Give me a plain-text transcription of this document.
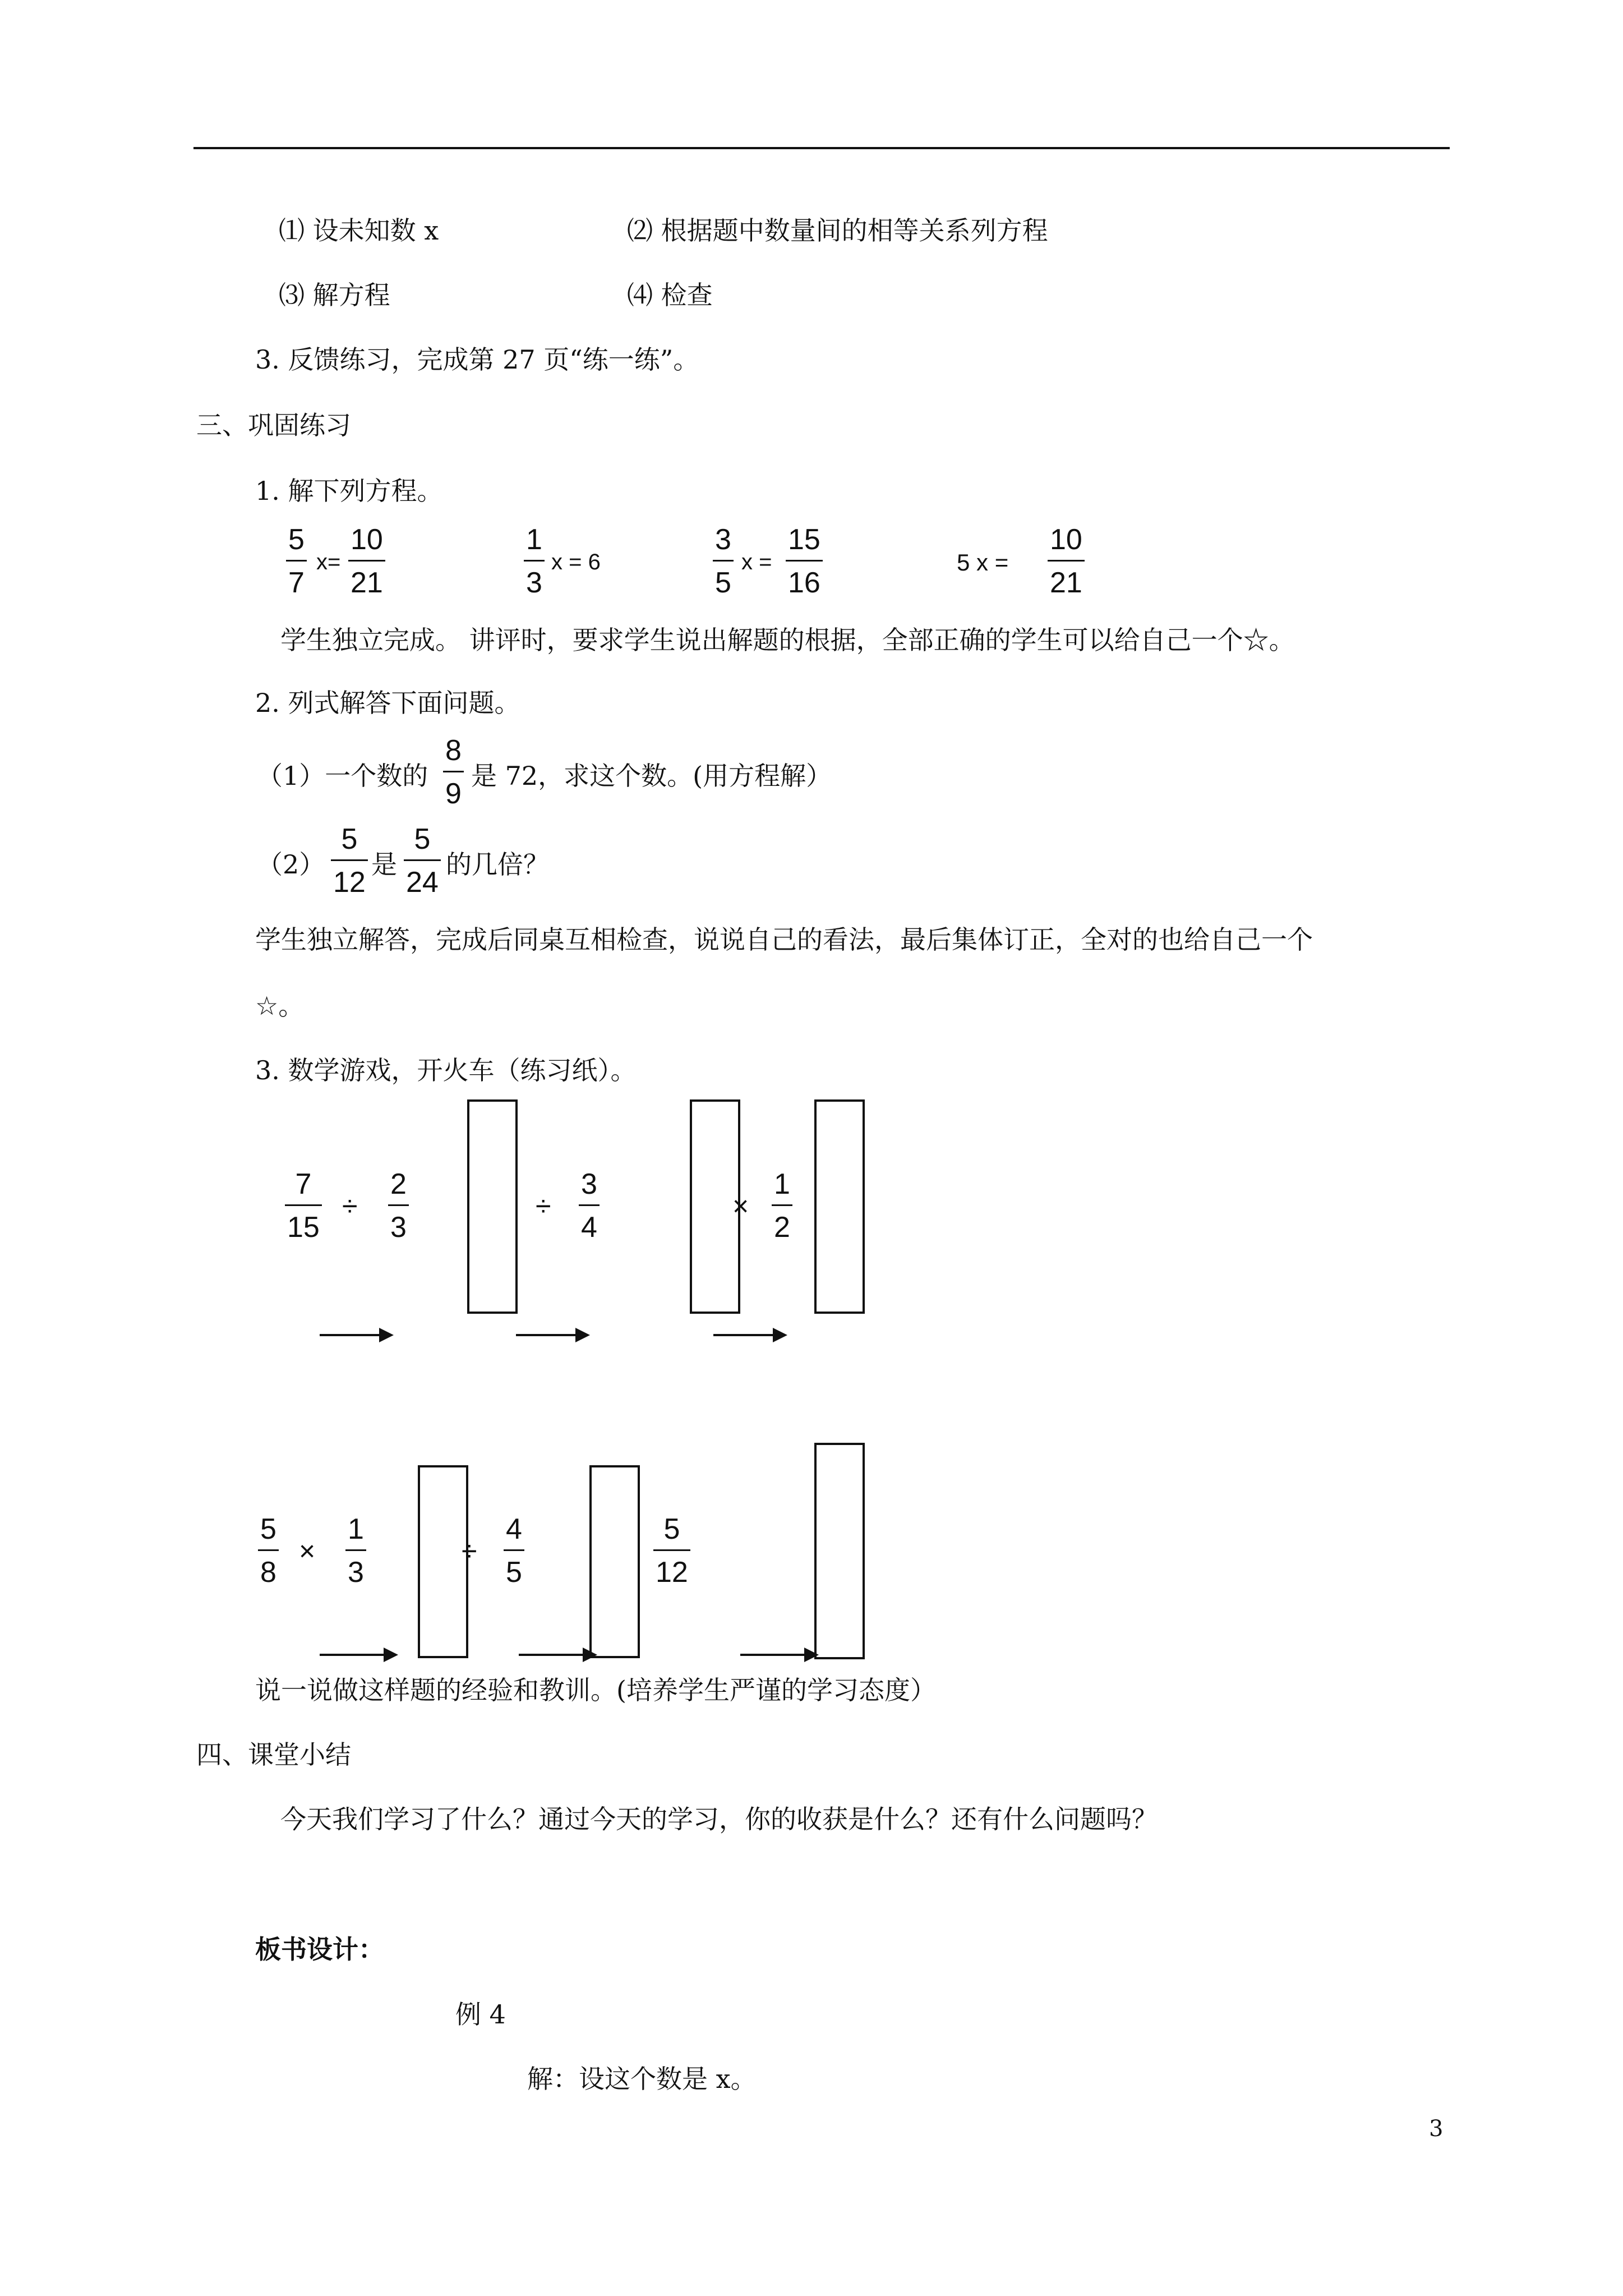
⑴ 设未知数 x	⑵ 根据题中数量间的相等关系列方程
⑶ 解方程	⑷ 检查
3. 反馈练习，完成第 27 页“练一练”。
三、巩固练习
1. 解下列方程。
5
7
x=
10
21
1
3
x = 6
3
5
x =
15
16
5 x =
10
21
学生独立完成。 讲评时，要求学生说出解题的根据，全部正确的学生可以给自己一个☆。
2. 列式解答下面问题。
（1）一个数的
8
9
是 72，求这个数。(用方程解）
（2）
5
12
是
5
24
的几倍？
学生独立解答，完成后同桌互相检查，说说自己的看法，最后集体订正，全对的也给自己一个
☆。
3. 数学游戏，开火车（练习纸）。
7
15
÷
2
3
÷
3
4
×
1
2
5
8
×
1
3
÷
4
5
5
12
说一说做这样题的经验和教训。(培养学生严谨的学习态度）
四、课堂小结
今天我们学习了什么？通过今天的学习，你的收获是什么？还有什么问题吗？
板书设计：
例 4
解：设这个数是 x。
3
